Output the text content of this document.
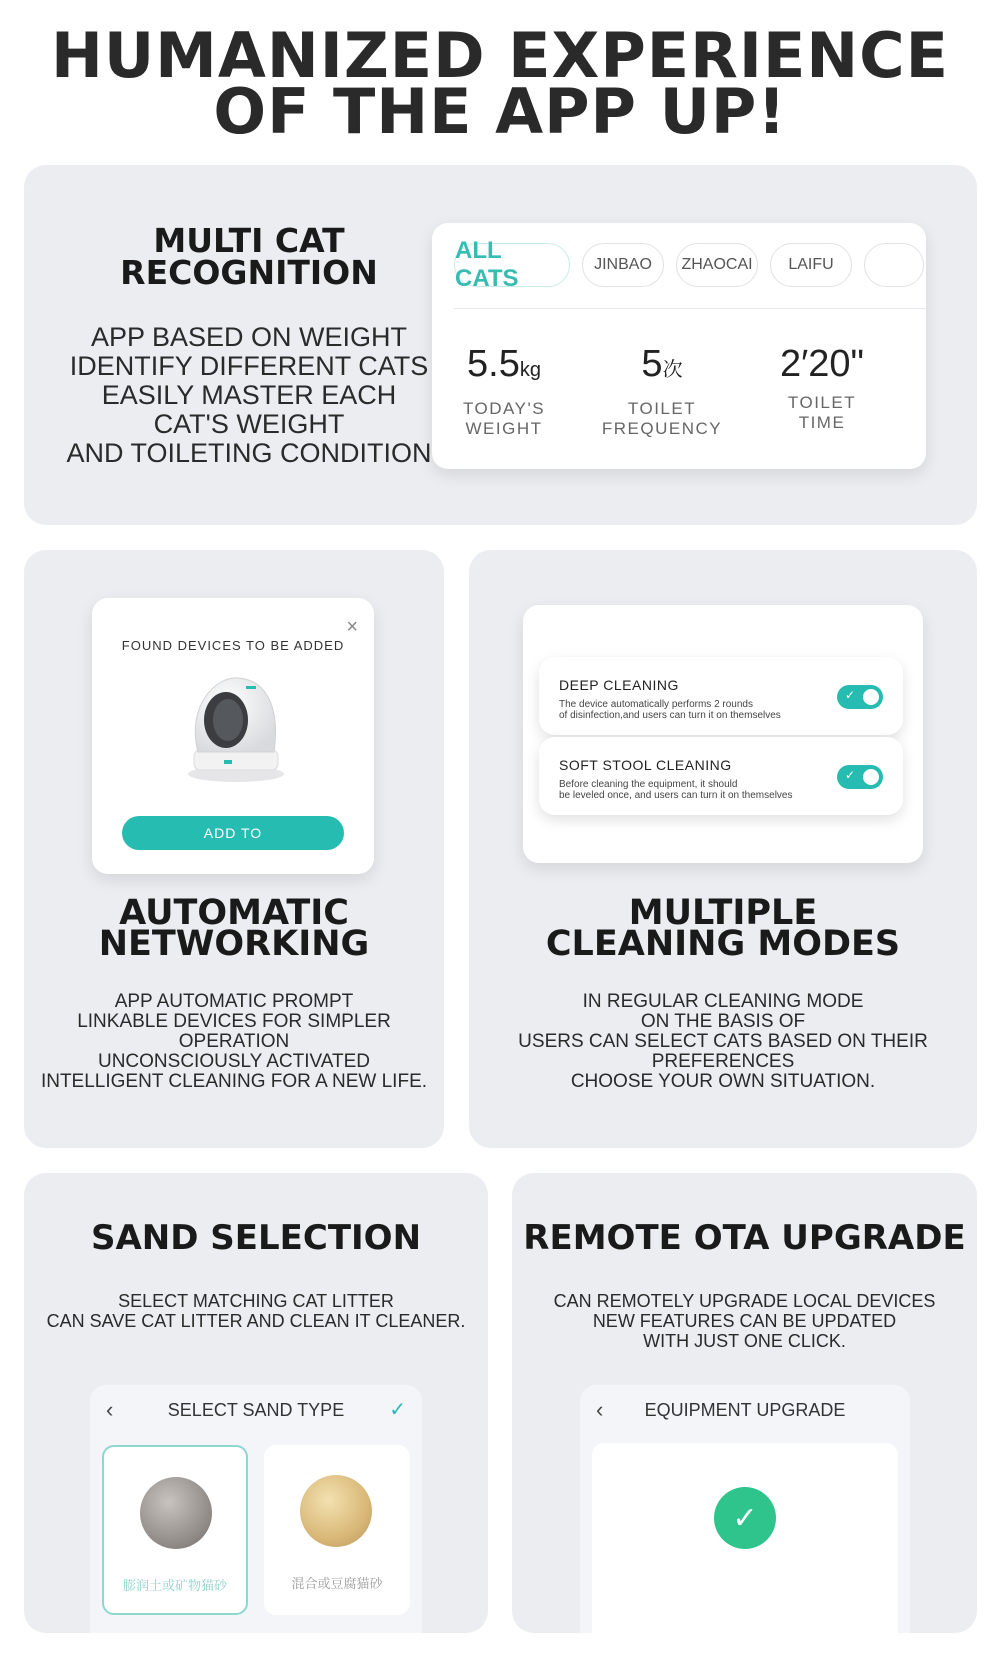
HUMANIZED EXPERIENCE
OF THE APP UP!
MULTI CAT
RECOGNITION
APP BASED ON WEIGHT
IDENTIFY DIFFERENT CATS
EASILY MASTER EACH
CAT'S WEIGHT
AND TOILETING CONDITION
ALL CATS
JINBAO	ZHAOCAI	LAIFU
5.5kg
TODAY'S
WEIGHT
5次
TOILET
FREQUENCY
2′20"
TOILET
TIME
×
FOUND DEVICES TO BE ADDED
ADD TO
AUTOMATIC
NETWORKING
APP AUTOMATIC PROMPT
LINKABLE DEVICES FOR SIMPLER OPERATION
UNCONSCIOUSLY ACTIVATED
INTELLIGENT CLEANING FOR A NEW LIFE.
DEEP CLEANING
The device automatically performs 2 rounds
of disinfection,and users can turn it on themselves
✓
SOFT STOOL CLEANING
Before cleaning the equipment, it should
be leveled once, and users can turn it on themselves
✓
MULTIPLE
CLEANING MODES
IN REGULAR CLEANING MODE
ON THE BASIS OF
USERS CAN SELECT CATS BASED ON THEIR PREFERENCES
CHOOSE YOUR OWN SITUATION.
SAND SELECTION
SELECT MATCHING CAT LITTER
CAN SAVE CAT LITTER AND CLEAN IT CLEANER.
‹	SELECT SAND TYPE	✓
膨润土或矿物猫砂	混合或豆腐猫砂
REMOTE OTA UPGRADE
CAN REMOTELY UPGRADE LOCAL DEVICES
NEW FEATURES CAN BE UPDATED
WITH JUST ONE CLICK.
‹	EQUIPMENT UPGRADE
✓
